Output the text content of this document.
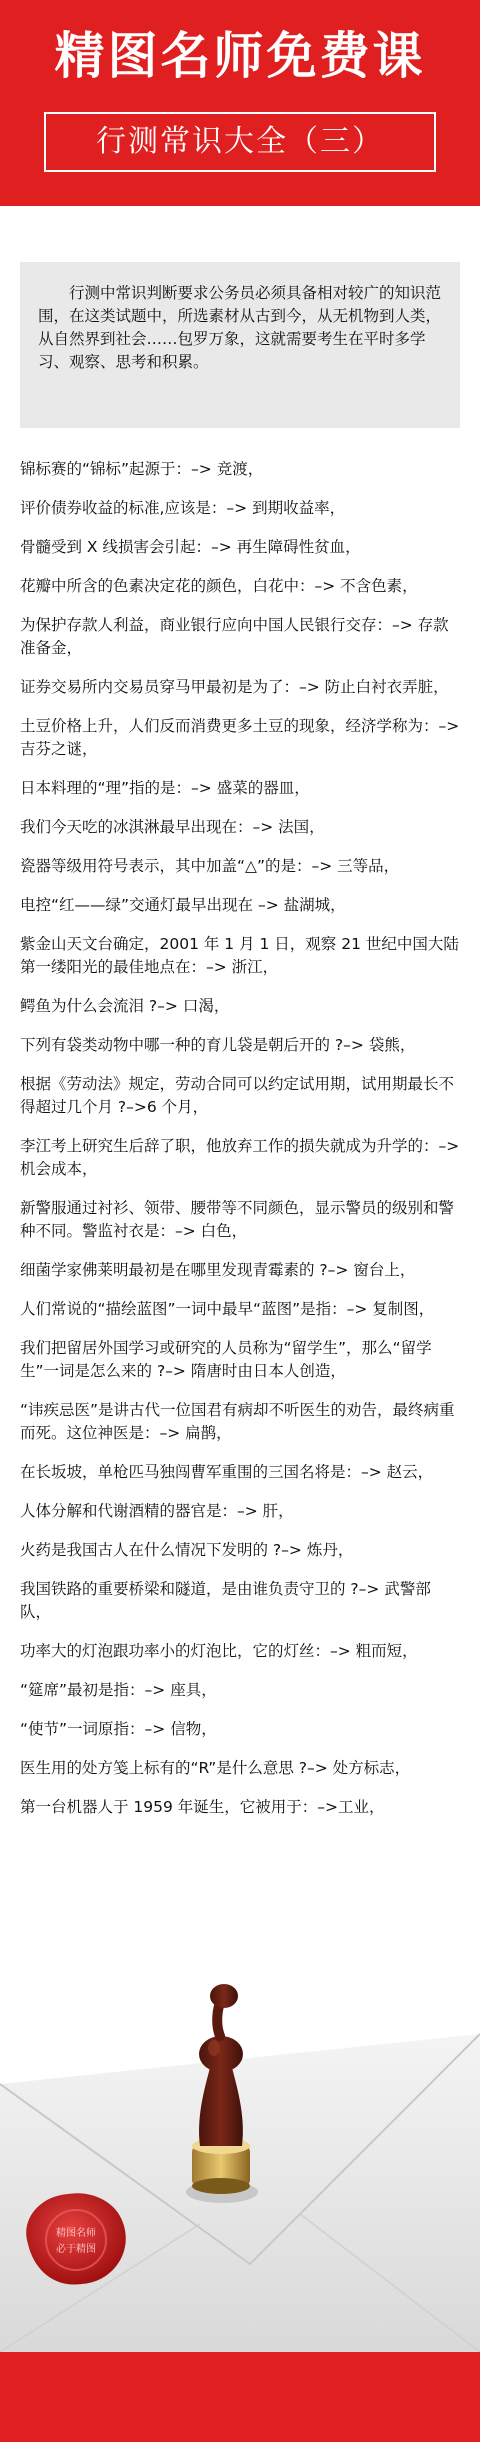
精图名师免费课
行测常识大全（三）

行测中常识判断要求公务员必须具备相对较广的知识范围，在这类试题中，所选素材从古到今，从无机物到人类，从自然界到社会……包罗万象，这就需要考生在平时多学习、观察、思考和积累。

锦标赛的“锦标”起源于：–> 竞渡，

评价债券收益的标准,应该是：–> 到期收益率，

骨髓受到 X 线损害会引起：–> 再生障碍性贫血，

花瓣中所含的色素决定花的颜色，白花中：–> 不含色素，

为保护存款人利益，商业银行应向中国人民银行交存：–> 存款准备金，

证券交易所内交易员穿马甲最初是为了：–> 防止白衬衣弄脏，

土豆价格上升，人们反而消费更多土豆的现象，经济学称为：–> 吉芬之谜，

日本料理的“理”指的是：–> 盛菜的器皿，

我们今天吃的冰淇淋最早出现在：–> 法国，

瓷器等级用符号表示，其中加盖“△”的是：–> 三等品，

电控“红——绿”交通灯最早出现在 –> 盐湖城，

紫金山天文台确定，2001 年 1 月 1 日，观察 21 世纪中国大陆第一缕阳光的最佳地点在：–> 浙江，

鳄鱼为什么会流泪 ?–> 口渴，

下列有袋类动物中哪一种的育儿袋是朝后开的 ?–> 袋熊，

根据《劳动法》规定，劳动合同可以约定试用期，试用期最长不得超过几个月 ?–>6 个月，

李江考上研究生后辞了职，他放弃工作的损失就成为升学的：–> 机会成本，

新警服通过衬衫、领带、腰带等不同颜色，显示警员的级别和警种不同。警监衬衣是：–> 白色，

细菌学家佛莱明最初是在哪里发现青霉素的 ?–> 窗台上，

人们常说的“描绘蓝图”一词中最早“蓝图”是指：–> 复制图，

我们把留居外国学习或研究的人员称为“留学生”，那么“留学生”一词是怎么来的 ?–> 隋唐时由日本人创造，

“讳疾忌医”是讲古代一位国君有病却不听医生的劝告，最终病重而死。这位神医是：–> 扁鹊，

在长坂坡，单枪匹马独闯曹军重围的三国名将是：–> 赵云，

人体分解和代谢酒精的器官是：–> 肝，

火药是我国古人在什么情况下发明的 ?–> 炼丹，

我国铁路的重要桥梁和隧道，是由谁负责守卫的 ?–> 武警部队，

功率大的灯泡跟功率小的灯泡比，它的灯丝：–> 粗而短，

“筵席”最初是指：–> 座具，

“使节”一词原指：–> 信物，

医生用的处方笺上标有的“R”是什么意思 ?–> 处方标志，

第一台机器人于 1959 年诞生，它被用于：–>工业，

精图名师
必于精图
